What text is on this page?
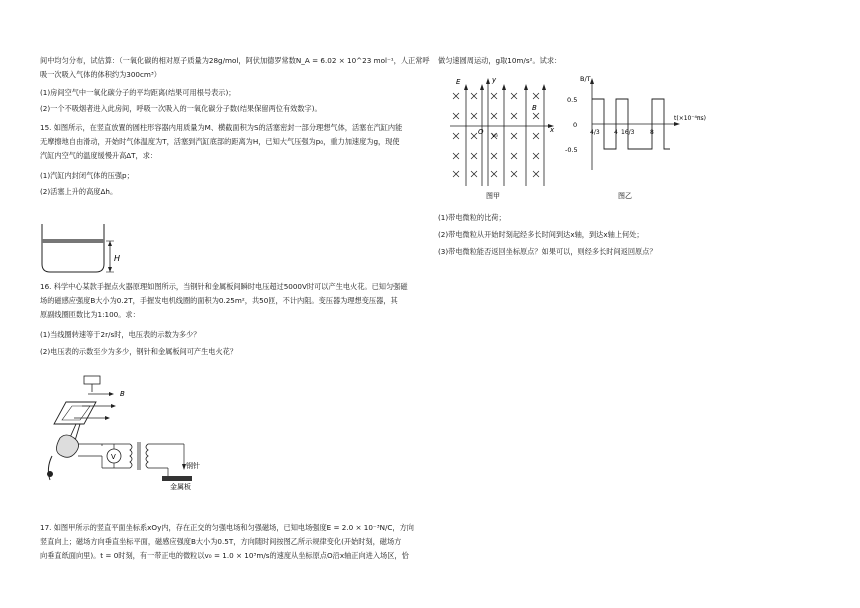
间中均匀分布，试估算：（一氧化碳的相对原子质量为28g/mol，阿伏加德罗常数N_A = 6.02 × 10^23 mol⁻¹，人正常呼
吸一次吸入气体的体积约为300cm³）
(1)房间空气中一氧化碳分子的平均距离(结果可用根号表示)；
(2)一个不吸烟者进入此房间，呼吸一次吸入的一氧化碳分子数(结果保留两位有效数字)。
15. 如图所示，在竖直放置的圆柱形容器内用质量为M、横截面积为S的活塞密封一部分理想气体，活塞在汽缸内能
无摩擦地自由滑动，开始时气体温度为T，活塞到汽缸底部的距离为H，已知大气压强为p₀，重力加速度为g，现使
汽缸内空气的温度缓慢升高ΔT，求：
(1)汽缸内封闭气体的压强p；
(2)活塞上升的高度Δh。
H
16. 科学中心某款手握点火器原理如图所示，当钢针和金属板间瞬时电压超过5000V时可以产生电火花。已知匀强磁
场的磁感应强度B大小为0.2T，手握发电机线圈的面积为0.25m²，共50匝，不计内阻。变压器为理想变压器，其
原副线圈匝数比为1:100。求：
(1)当线圈转速等于2r/s时，电压表的示数为多少？
(2)电压表的示数至少为多少，钢针和金属板间可产生电火花？
B
V
钢针
金属板
17. 如图甲所示的竖直平面坐标系xOy内，存在正交的匀强电场和匀强磁场，已知电场强度E = 2.0 × 10⁻³N/C，方向
竖直向上；磁场方向垂直坐标平面，磁感应强度B大小为0.5T，方向随时间按图乙所示规律变化(开始时刻，磁场方
向垂直纸面向里)。t = 0时刻，有一带正电的微粒以v₀ = 1.0 × 10³m/s的速度从坐标原点O沿x轴正向进入场区，恰
做匀速圆周运动，g取10m/s²。试求：
E	y
x
B
O v₀
图甲
B/T
t(×10⁻⁴πs)
0.5
0
-0.5
4/3 4 16/3	8
图乙
(1)带电微粒的比荷；
(2)带电微粒从开始时刻起经多长时间到达x轴，到达x轴上何处；
(3)带电微粒能否返回坐标原点？如果可以，则经多长时间返回原点？
